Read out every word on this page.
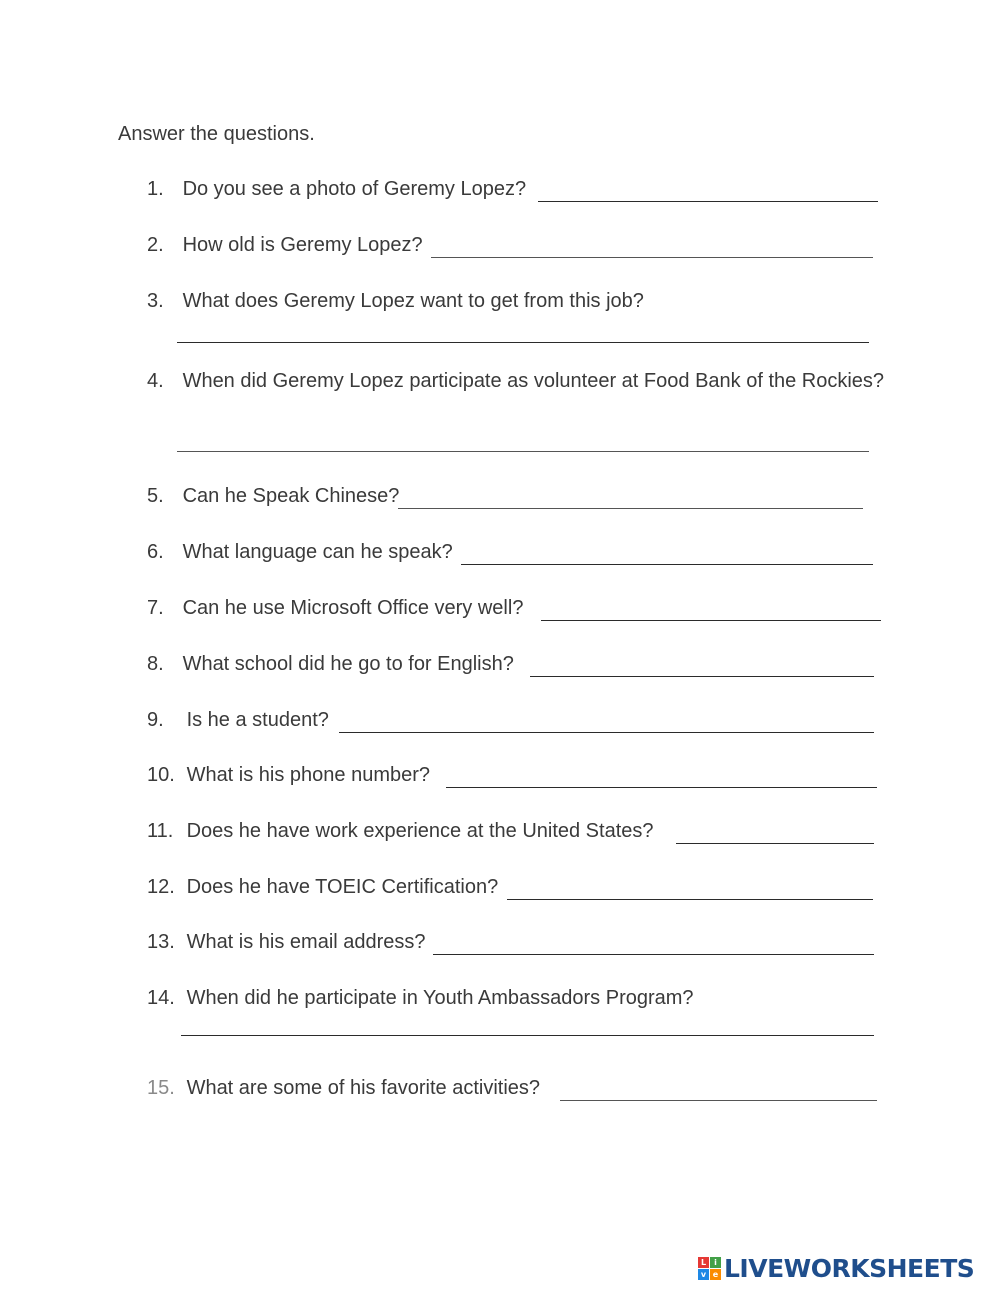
Answer the questions.
1. Do you see a photo of Geremy Lopez?
2. How old is Geremy Lopez?
3. What does Geremy Lopez want to get from this job?
4. When did Geremy Lopez participate as volunteer at Food Bank of the Rockies?
5. Can he Speak Chinese?
6. What language can he speak?
7. Can he use Microsoft Office very well?
8. What school did he go to for English?
9. Is he a student?
10. What is his phone number?
11. Does he have work experience at the United States?
12. Does he have TOEIC Certification?
13. What is his email address?
14. When did he participate in Youth Ambassadors Program?
15. What are some of his favorite activities?
L	i
v e LIVEWORKSHEETS
